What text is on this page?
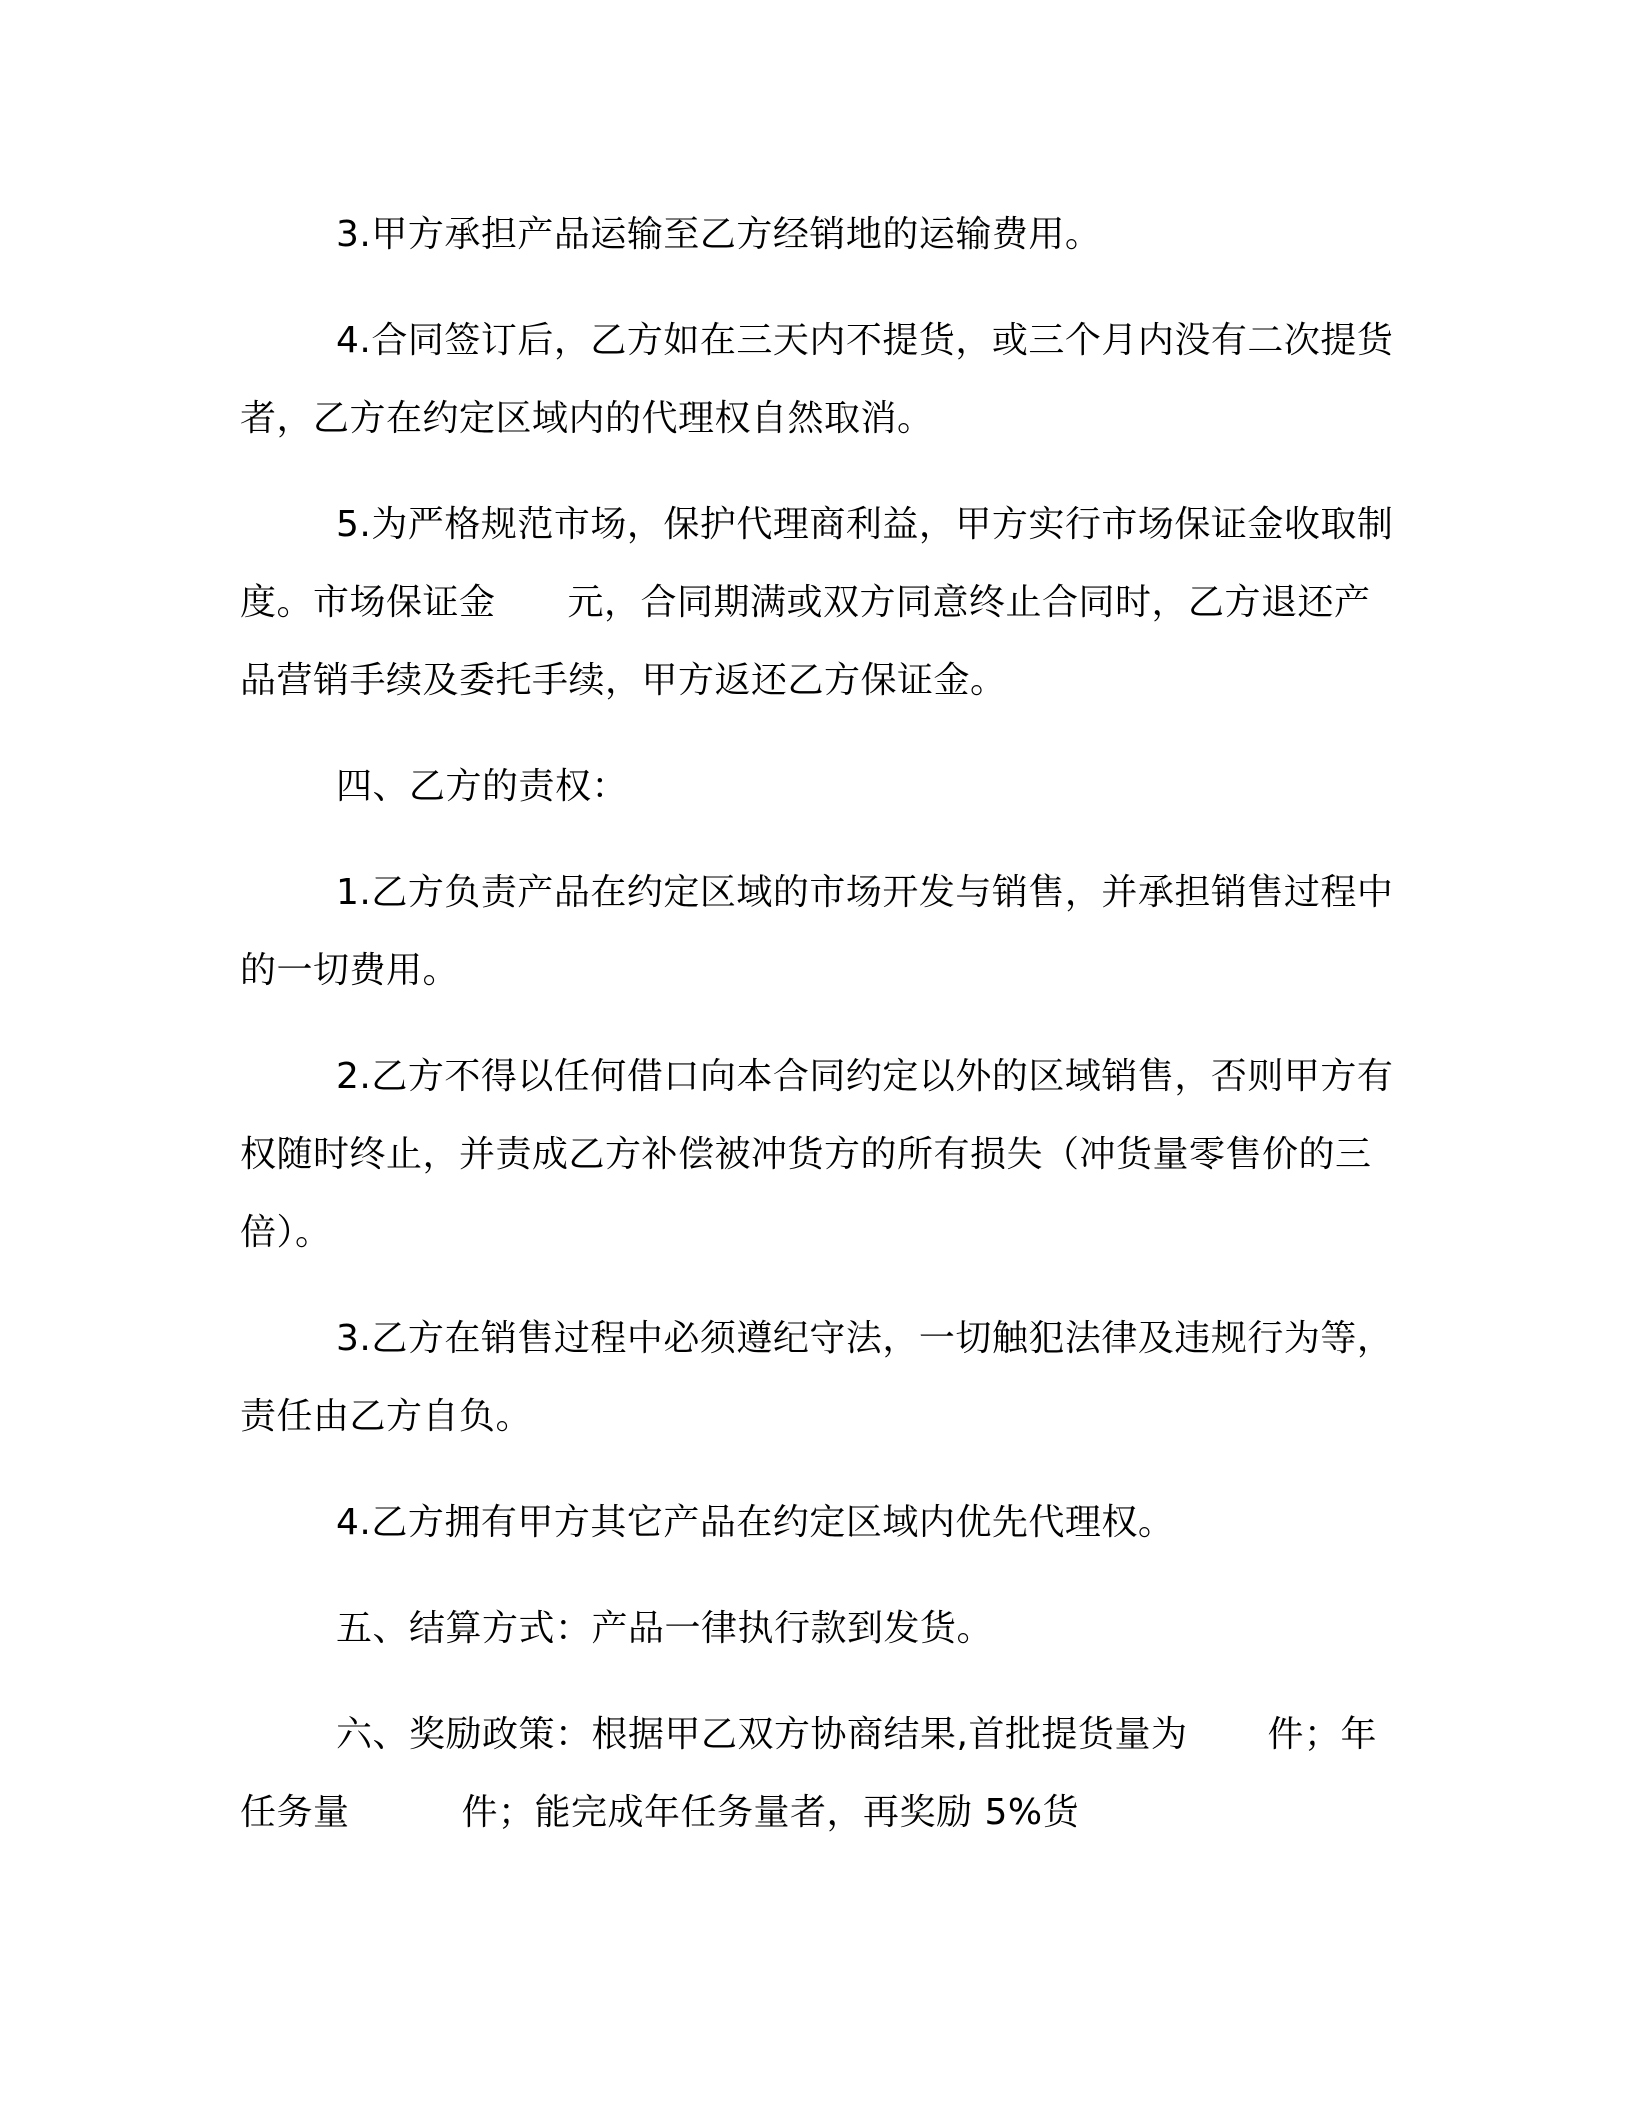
3.甲方承担产品运输至乙方经销地的运输费用。

4.合同签订后，乙方如在三天内不提货，或三个月内没有二次提货者，乙方在约定区域内的代理权自然取消。

5.为严格规范市场，保护代理商利益，甲方实行市场保证金收取制度。市场保证金 元，合同期满或双方同意终止合同时，乙方退还产品营销手续及委托手续，甲方返还乙方保证金。

四、乙方的责权：

1.乙方负责产品在约定区域的市场开发与销售，并承担销售过程中的一切费用。

2.乙方不得以任何借口向本合同约定以外的区域销售，否则甲方有权随时终止，并责成乙方补偿被冲货方的所有损失（冲货量零售价的三倍）。

3.乙方在销售过程中必须遵纪守法，一切触犯法律及违规行为等，责任由乙方自负。

4.乙方拥有甲方其它产品在约定区域内优先代理权。

五、结算方式：产品一律执行款到发货。

六、奖励政策：根据甲乙双方协商结果,首批提货量为 件；年任务量	件；能完成年任务量者，再奖励 5%货
